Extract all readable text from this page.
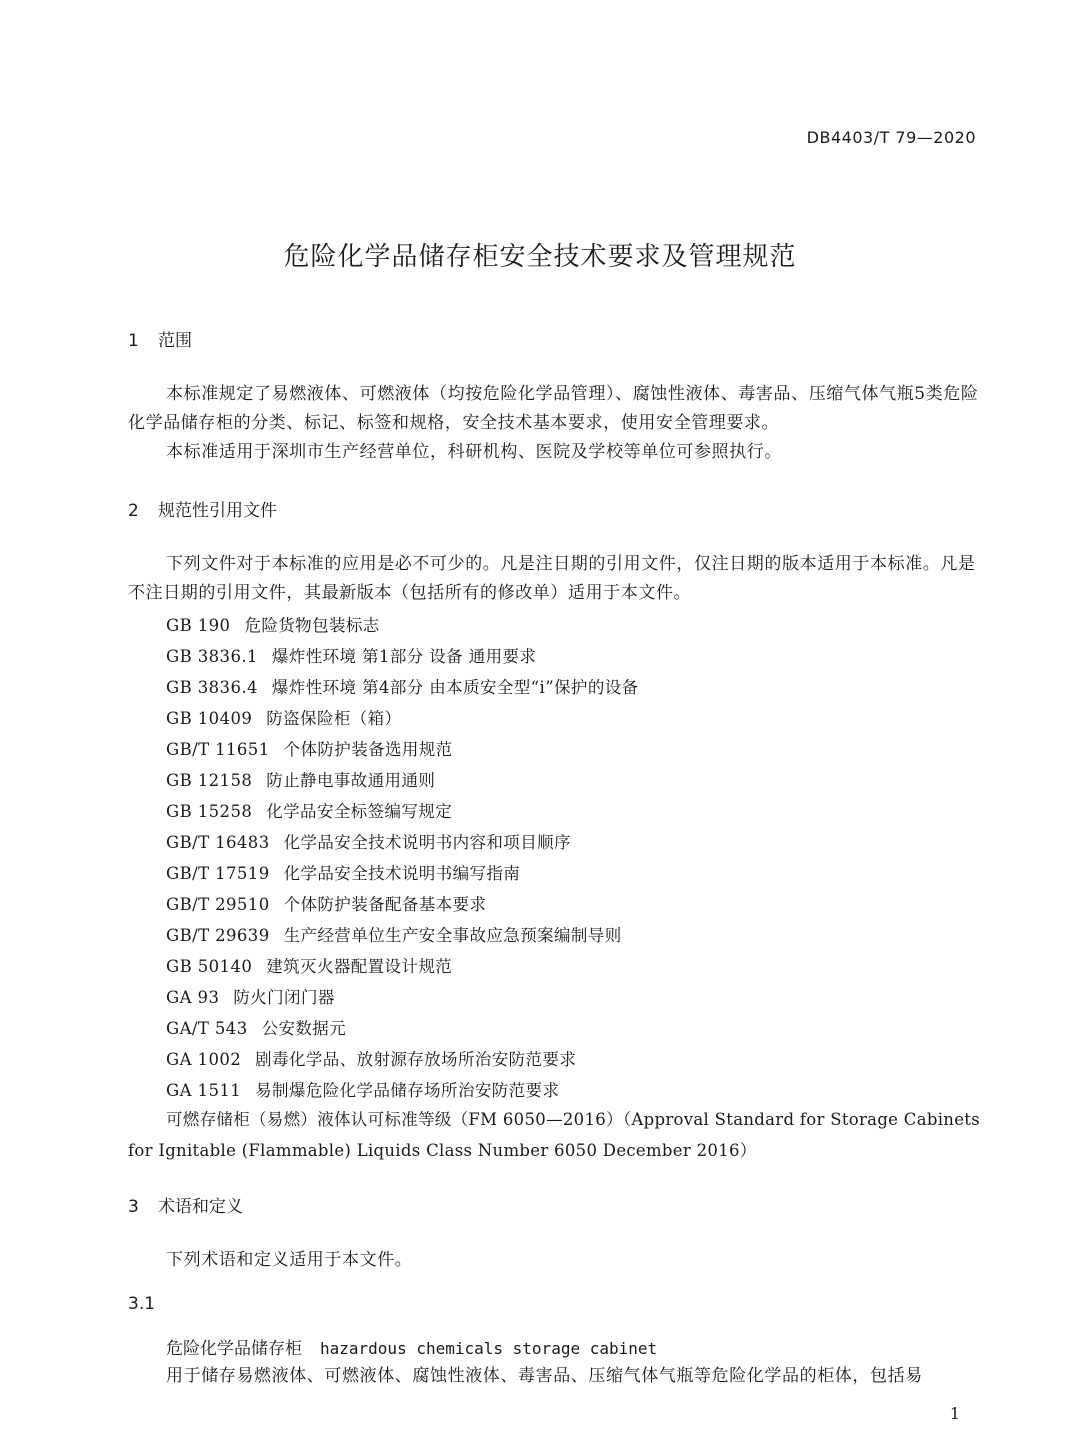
DB4403/T 79—2020
危险化学品储存柜安全技术要求及管理规范
1 范围

本标准规定了易燃液体、可燃液体（均按危险化学品管理）、腐蚀性液体、毒害品、压缩气体气瓶5类危险化学品储存柜的分类、标记、标签和规格，安全技术基本要求，使用安全管理要求。

本标准适用于深圳市生产经营单位，科研机构、医院及学校等单位可参照执行。

2 规范性引用文件

下列文件对于本标准的应用是必不可少的。凡是注日期的引用文件，仅注日期的版本适用于本标准。凡是不注日期的引用文件，其最新版本（包括所有的修改单）适用于本文件。

GB 190 危险货物包装标志
GB 3836.1 爆炸性环境 第1部分 设备 通用要求
GB 3836.4 爆炸性环境 第4部分 由本质安全型“i”保护的设备
GB 10409 防盗保险柜（箱）
GB/T 11651 个体防护装备选用规范
GB 12158 防止静电事故通用通则
GB 15258 化学品安全标签编写规定
GB/T 16483 化学品安全技术说明书内容和项目顺序
GB/T 17519 化学品安全技术说明书编写指南
GB/T 29510 个体防护装备配备基本要求
GB/T 29639 生产经营单位生产安全事故应急预案编制导则
GB 50140 建筑灭火器配置设计规范
GA 93 防火门闭门器
GA/T 543 公安数据元
GA 1002 剧毒化学品、放射源存放场所治安防范要求
GA 1511 易制爆危险化学品储存场所治安防范要求

可燃存储柜（易燃）液体认可标准等级（FM 6050—2016）（Approval Standard for Storage Cabinets for Ignitable (Flammable) Liquids Class Number 6050 December 2016）

3 术语和定义

下列术语和定义适用于本文件。

3.1
危险化学品储存柜 hazardous chemicals storage cabinet

用于储存易燃液体、可燃液体、腐蚀性液体、毒害品、压缩气体气瓶等危险化学品的柜体，包括易

1
